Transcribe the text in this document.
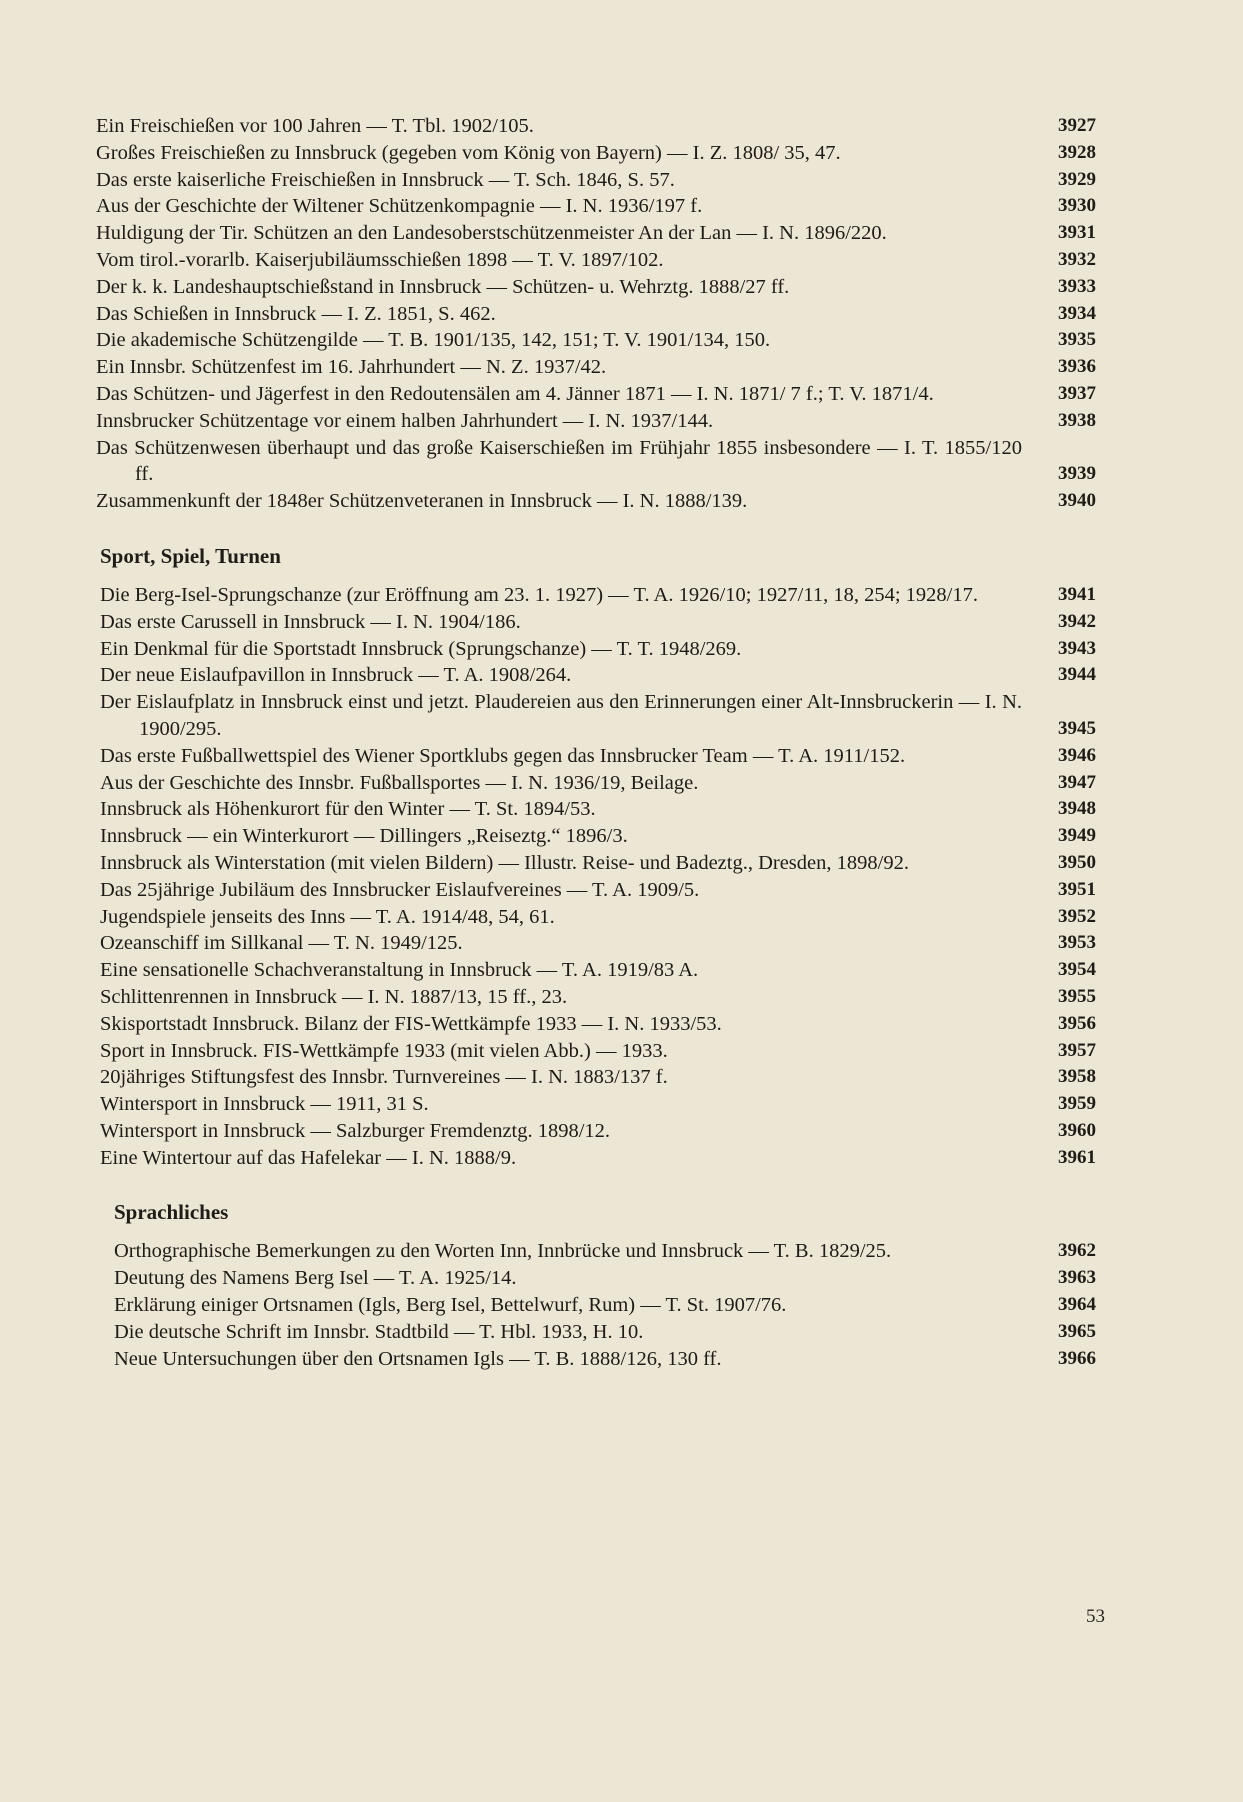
Ein Freischießen vor 100 Jahren — T. Tbl. 1902/105.	3927
Großes Freischießen zu Innsbruck (gegeben vom König von Bayern) — I. Z. 1808/ 35, 47.	3928
Das erste kaiserliche Freischießen in Innsbruck — T. Sch. 1846, S. 57.	3929
Aus der Geschichte der Wiltener Schützenkompagnie — I. N. 1936/197 f.	3930
Huldigung der Tir. Schützen an den Landesoberstschützenmeister An der Lan — I. N. 1896/220.	3931
Vom tirol.-vorarlb. Kaiserjubiläumsschießen 1898 — T. V. 1897/102.	3932
Der k. k. Landeshauptschießstand in Innsbruck — Schützen- u. Wehrztg. 1888/27 ff.	3933
Das Schießen in Innsbruck — I. Z. 1851, S. 462.	3934
Die akademische Schützengilde — T. B. 1901/135, 142, 151; T. V. 1901/134, 150.	3935
Ein Innsbr. Schützenfest im 16. Jahrhundert — N. Z. 1937/42.	3936
Das Schützen- und Jägerfest in den Redoutensälen am 4. Jänner 1871 — I. N. 1871/ 7 f.; T. V. 1871/4.	3937
Innsbrucker Schützentage vor einem halben Jahrhundert — I. N. 1937/144.	3938
Das Schützenwesen überhaupt und das große Kaiserschießen im Frühjahr 1855 insbesondere — I. T. 1855/120 ff.	3939
Zusammenkunft der 1848er Schützenveteranen in Innsbruck — I. N. 1888/139.	3940
Sport, Spiel, Turnen
Die Berg-Isel-Sprungschanze (zur Eröffnung am 23. 1. 1927) — T. A. 1926/10; 1927/11, 18, 254; 1928/17.	3941
Das erste Carussell in Innsbruck — I. N. 1904/186.	3942
Ein Denkmal für die Sportstadt Innsbruck (Sprungschanze) — T. T. 1948/269.	3943
Der neue Eislaufpavillon in Innsbruck — T. A. 1908/264.	3944
Der Eislaufplatz in Innsbruck einst und jetzt. Plaudereien aus den Erinnerungen einer Alt-Innsbruckerin — I. N. 1900/295.	3945
Das erste Fußballwettspiel des Wiener Sportklubs gegen das Innsbrucker Team — T. A. 1911/152.	3946
Aus der Geschichte des Innsbr. Fußballsportes — I. N. 1936/19, Beilage.	3947
Innsbruck als Höhenkurort für den Winter — T. St. 1894/53.	3948
Innsbruck — ein Winterkurort — Dillingers „Reiseztg.“ 1896/3.	3949
Innsbruck als Winterstation (mit vielen Bildern) — Illustr. Reise- und Badeztg., Dresden, 1898/92.	3950
Das 25jährige Jubiläum des Innsbrucker Eislaufvereines — T. A. 1909/5.	3951
Jugendspiele jenseits des Inns — T. A. 1914/48, 54, 61.	3952
Ozeanschiff im Sillkanal — T. N. 1949/125.	3953
Eine sensationelle Schachveranstaltung in Innsbruck — T. A. 1919/83 A.	3954
Schlittenrennen in Innsbruck — I. N. 1887/13, 15 ff., 23.	3955
Skisportstadt Innsbruck. Bilanz der FIS-Wettkämpfe 1933 — I. N. 1933/53.	3956
Sport in Innsbruck. FIS-Wettkämpfe 1933 (mit vielen Abb.) — 1933.	3957
20jähriges Stiftungsfest des Innsbr. Turnvereines — I. N. 1883/137 f.	3958
Wintersport in Innsbruck — 1911, 31 S.	3959
Wintersport in Innsbruck — Salzburger Fremdenztg. 1898/12.	3960
Eine Wintertour auf das Hafelekar — I. N. 1888/9.	3961
Sprachliches
Orthographische Bemerkungen zu den Worten Inn, Innbrücke und Innsbruck — T. B. 1829/25.	3962
Deutung des Namens Berg Isel — T. A. 1925/14.	3963
Erklärung einiger Ortsnamen (Igls, Berg Isel, Bettelwurf, Rum) — T. St. 1907/76.	3964
Die deutsche Schrift im Innsbr. Stadtbild — T. Hbl. 1933, H. 10.	3965
Neue Untersuchungen über den Ortsnamen Igls — T. B. 1888/126, 130 ff.	3966
53
